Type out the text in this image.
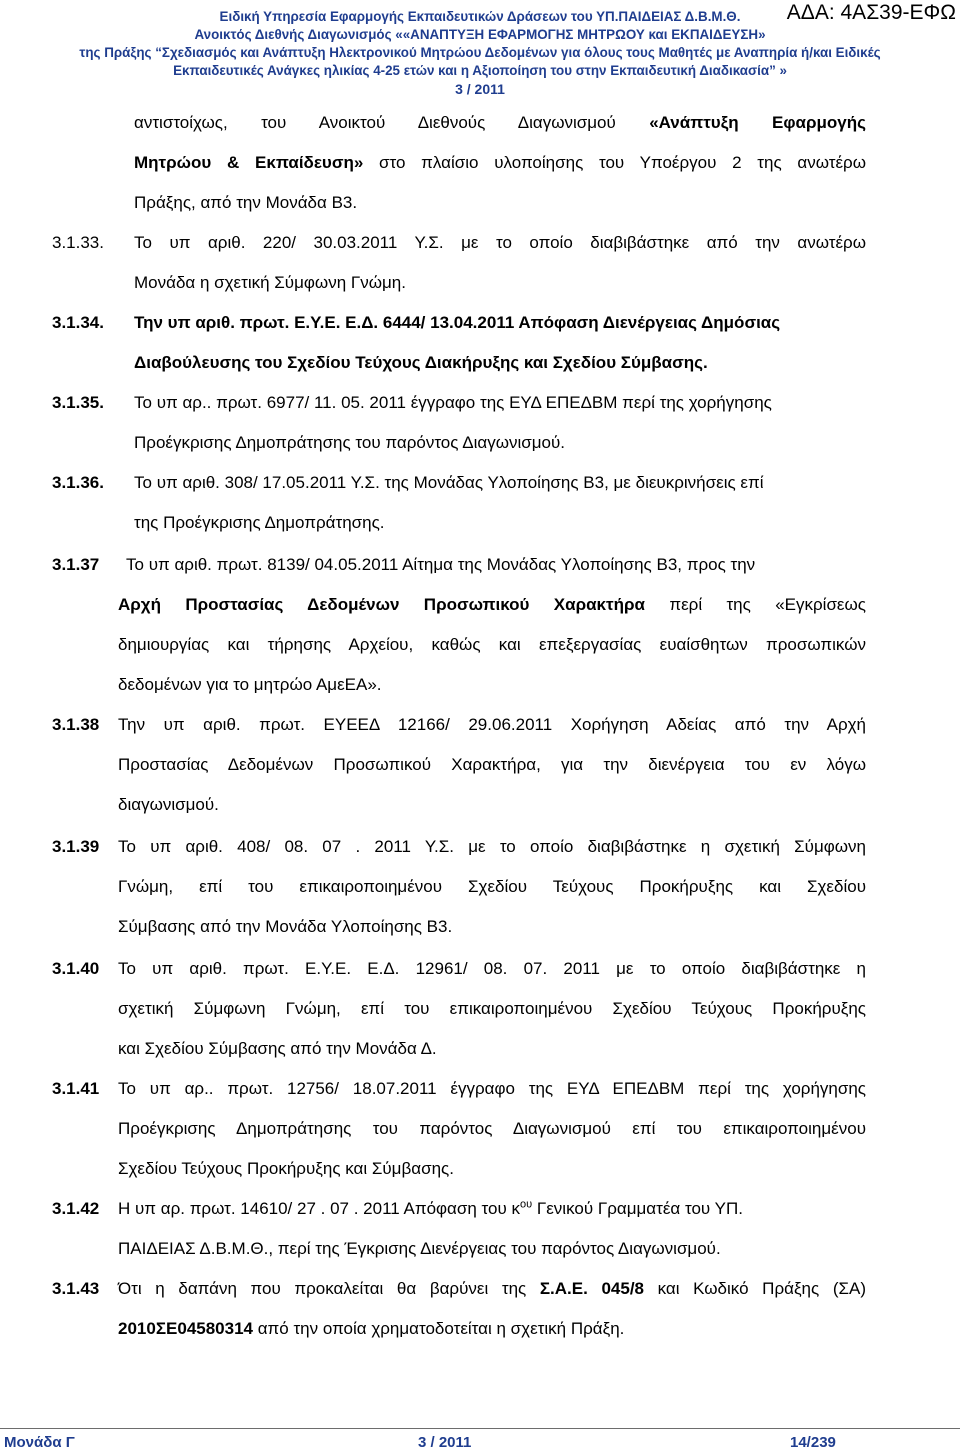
Ειδική Υπηρεσία Εφαρμογής Εκπαιδευτικών Δράσεων του ΥΠ.ΠΑΙΔΕΙΑΣ Δ.Β.Μ.Θ.	ΑΔΑ: 4ΑΣ39-ΕΦΩ
Ανοικτός Διεθνής Διαγωνισμός ««ΑΝΑΠΤΥΞΗ ΕΦΑΡΜΟΓΗΣ ΜΗΤΡΩΟΥ και ΕΚΠΑΙΔΕΥΣΗ»
της Πράξης “Σχεδιασμός και Ανάπτυξη Ηλεκτρονικού Μητρώου Δεδομένων για όλους τους Μαθητές με Αναπηρία ή/και Ειδικές
Εκπαιδευτικές Ανάγκες ηλικίας 4-25 ετών και η Αξιοποίηση του στην Εκπαιδευτική Διαδικασία” »
3 / 2011
αντιστοίχως, του Ανοικτού Διεθνούς Διαγωνισμού «Ανάπτυξη Εφαρμογής
Μητρώου & Εκπαίδευση» στο πλαίσιο υλοποίησης του Υποέργου 2 της ανωτέρω
Πράξης, από την Μονάδα Β3.
3.1.33. Το υπ αριθ. 220/ 30.03.2011 Υ.Σ. με το οποίο διαβιβάστηκε από την ανωτέρω
Μονάδα η σχετική Σύμφωνη Γνώμη.
3.1.34. Την υπ αριθ. πρωτ. Ε.Υ.Ε. Ε.Δ. 6444/ 13.04.2011 Απόφαση Διενέργειας Δημόσιας
Διαβούλευσης του Σχεδίου Τεύχους Διακήρυξης και Σχεδίου Σύμβασης.
3.1.35. Το υπ αρ.. πρωτ. 6977/ 11. 05. 2011 έγγραφο της ΕΥΔ ΕΠΕΔΒΜ περί της χορήγησης
Προέγκρισης Δημοπράτησης του παρόντος Διαγωνισμού.
3.1.36. Το υπ αριθ. 308/ 17.05.2011 Υ.Σ. της Μονάδας Υλοποίησης Β3, με διευκρινήσεις επί
της Προέγκρισης Δημοπράτησης.
3.1.37 Το υπ αριθ. πρωτ. 8139/ 04.05.2011 Αίτημα της Μονάδας Υλοποίησης Β3, προς την
Αρχή Προστασίας Δεδομένων Προσωπικού Χαρακτήρα περί της «Εγκρίσεως
δημιουργίας και τήρησης Αρχείου, καθώς και επεξεργασίας ευαίσθητων προσωπικών
δεδομένων για το μητρώο ΑμεΕΑ».
3.1.38 Την υπ αριθ. πρωτ. ΕΥΕΕΔ 12166/ 29.06.2011 Χορήγηση Αδείας από την Αρχή
Προστασίας Δεδομένων Προσωπικού Χαρακτήρα, για την διενέργεια του εν λόγω
διαγωνισμού.
3.1.39 Το υπ αριθ. 408/ 08. 07 . 2011 Υ.Σ. με το οποίο διαβιβάστηκε η σχετική Σύμφωνη
Γνώμη, επί του επικαιροποιημένου Σχεδίου Τεύχους Προκήρυξης και Σχεδίου
Σύμβασης από την Μονάδα Υλοποίησης Β3.
3.1.40 Το υπ αριθ. πρωτ. Ε.Υ.Ε. Ε.Δ. 12961/ 08. 07. 2011 με το οποίο διαβιβάστηκε η
σχετική Σύμφωνη Γνώμη, επί του επικαιροποιημένου Σχεδίου Τεύχους Προκήρυξης
και Σχεδίου Σύμβασης από την Μονάδα Δ.
3.1.41 Το υπ αρ.. πρωτ. 12756/ 18.07.2011 έγγραφο της ΕΥΔ ΕΠΕΔΒΜ περί της χορήγησης
Προέγκρισης Δημοπράτησης του παρόντος Διαγωνισμού επί του επικαιροποιημένου
Σχεδίου Τεύχους Προκήρυξης και Σύμβασης.
3.1.42 Η υπ αρ. πρωτ. 14610/ 27 . 07 . 2011 Απόφαση του $\kappa^{o\upsilon}$ Γενικού Γραμματέα του ΥΠ.
ΠΑΙΔΕΙΑΣ Δ.Β.Μ.Θ., περί της Έγκρισης Διενέργειας του παρόντος Διαγωνισμού.
3.1.43 Ότι η δαπάνη που προκαλείται θα βαρύνει της Σ.Α.Ε. 045/8 και Κωδικό Πράξης (ΣΑ)
2010ΣΕ04580314 από την οποία χρηματοδοτείται η σχετική Πράξη.
Μονάδα Γ	3 / 2011	14/239
